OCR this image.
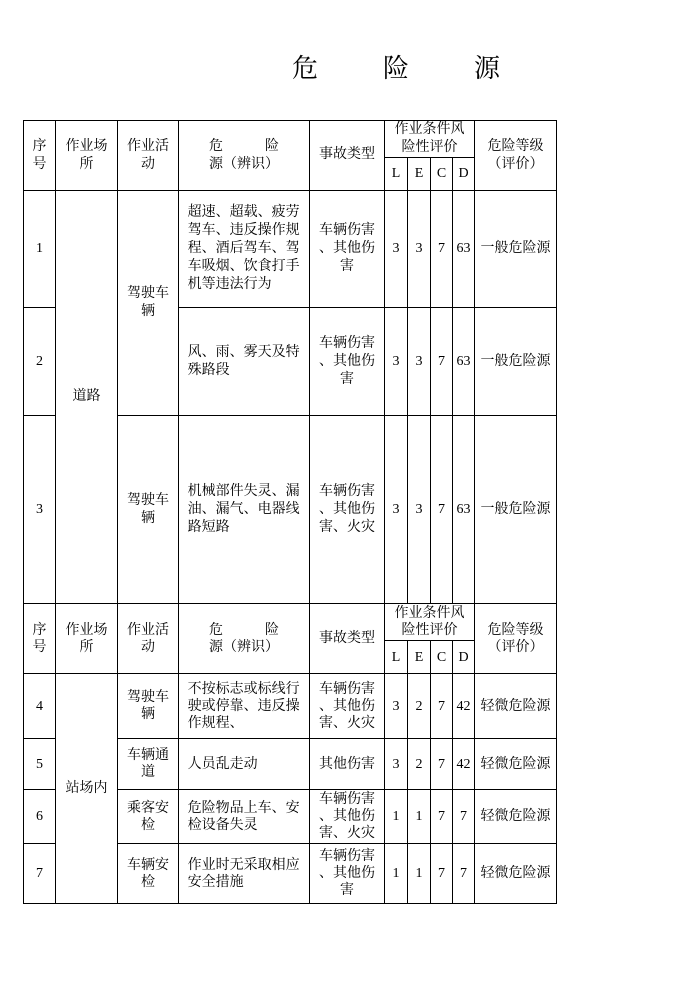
危险源
序号	作业场所	作业活动	危　　　险源（辨识）	事故类型	作业条件风险性评价				危险等级（评价）
					L	E	C	D	
1	道路	驾驶车辆	超速、超载、疲劳驾车、违反操作规程、酒后驾车、驾车吸烟、饮食打手机等违法行为	车辆伤害、其他伤害	3	3	7	63	一般危险源
2			风、雨、雾天及特殊路段	车辆伤害、其他伤害	3	3	7	63	一般危险源
3		驾驶车辆	机械部件失灵、漏油、漏气、电器线路短路	车辆伤害、其他伤害、火灾	3	3	7	63	一般危险源
序号	作业场所	作业活动	危　　　险源（辨识）	事故类型	作业条件风险性评价				危险等级（评价）
					L	E	C	D	
4	站场内	驾驶车辆	不按标志或标线行驶或停靠、违反操作规程、	车辆伤害、其他伤害、火灾	3	2	7	42	轻微危险源
5		车辆通道	人员乱走动	其他伤害	3	2	7	42	轻微危险源
6		乘客安检	危险物品上车、安检设备失灵	车辆伤害、其他伤害、火灾	1	1	7	7	轻微危险源
7		车辆安检	作业时无采取相应安全措施	车辆伤害、其他伤害	1	1	7	7	轻微危险源
